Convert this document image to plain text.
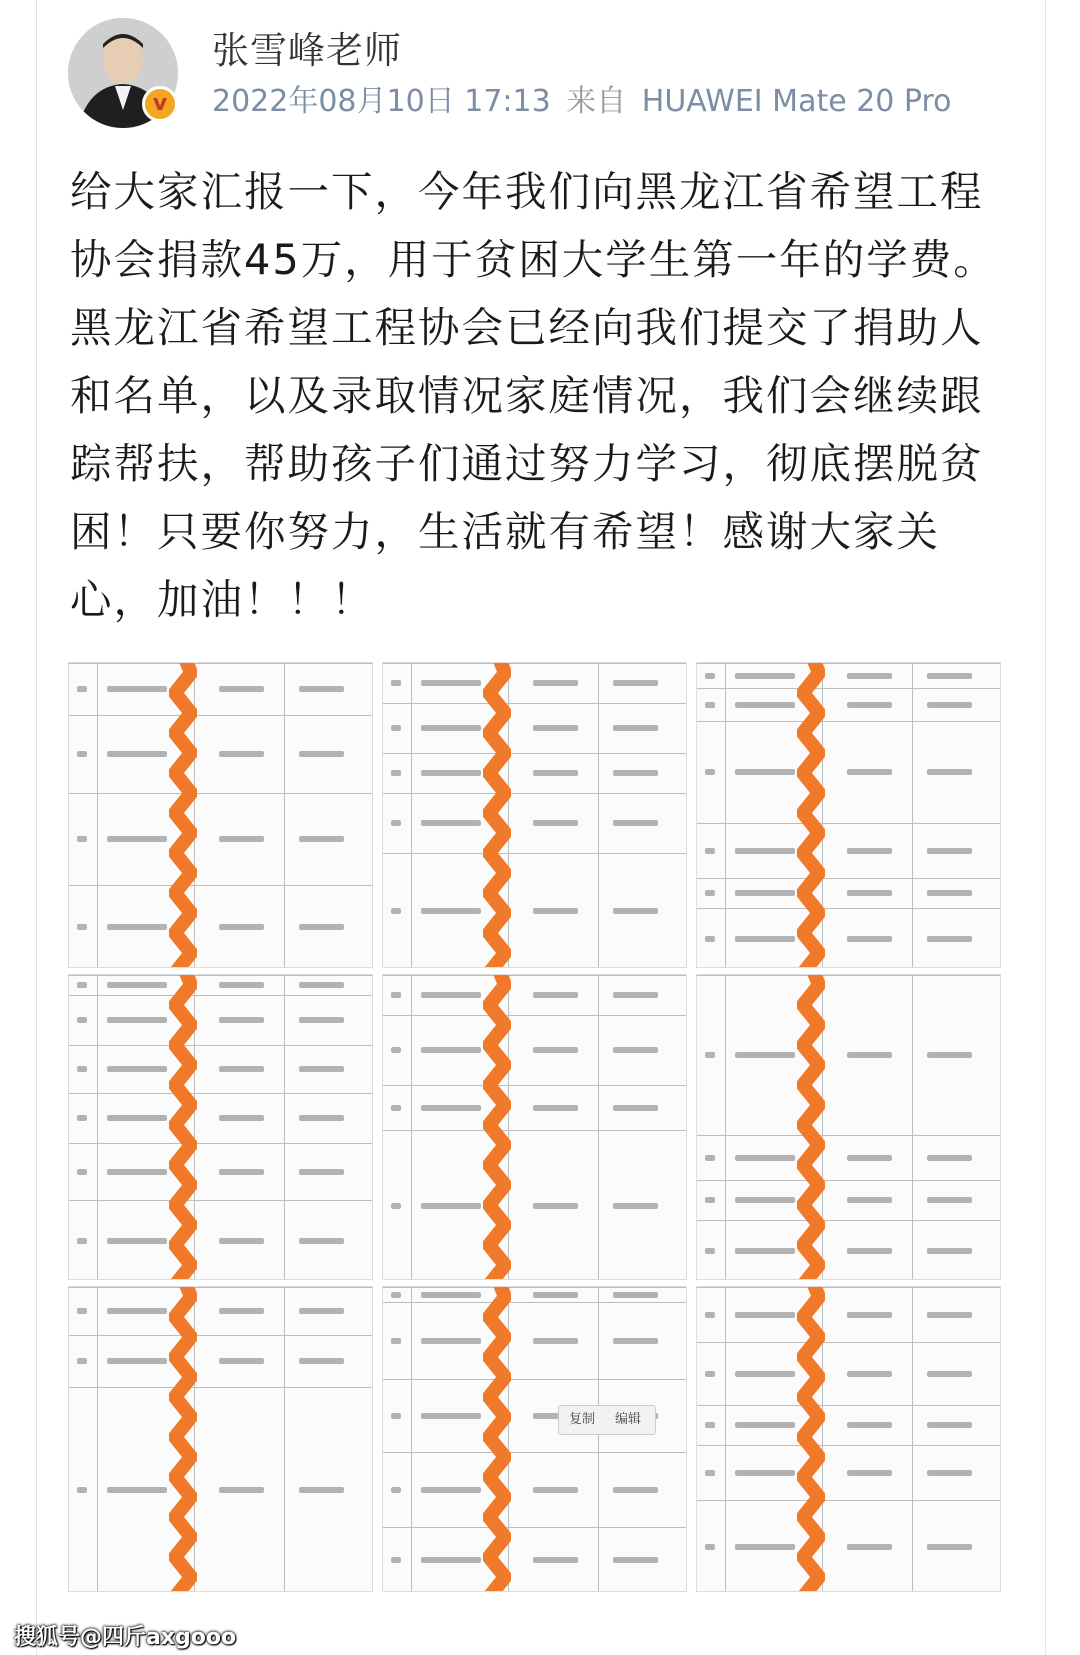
v
张雪峰老师
2022年08月10日 17:13 来自 HUAWEI Mate 20 Pro
给大家汇报一下，今年我们向黑龙江省希望工程协会捐款45万，用于贫困大学生第一年的学费。黑龙江省希望工程协会已经向我们提交了捐助人和名单，以及录取情况家庭情况，我们会继续跟踪帮扶，帮助孩子们通过努力学习，彻底摆脱贫困！只要你努力，生活就有希望！感谢大家关心，加油！！！
复制 编辑
搜狐号@四斤axgooo
